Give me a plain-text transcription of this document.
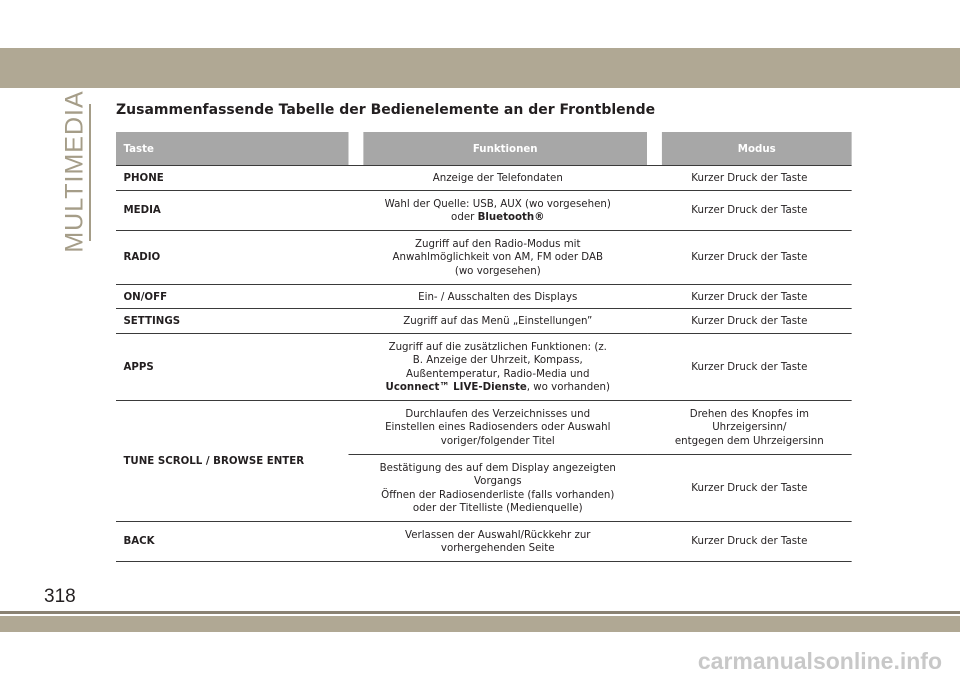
MULTIMEDIA Zusammenfassende Tabelle der Bedienelemente an der Frontblende
Taste		Funktionen		Modus
PHONE	Anzeige der Telefondaten		Kurzer Druck der Taste	
MEDIA	Wahl der Quelle: USB, AUX (wo vorgesehen)
oder Bluetooth®		Kurzer Druck der Taste	
RADIO	Zugriff auf den Radio-Modus mit
Anwahlmöglichkeit von AM, FM oder DAB
(wo vorgesehen)		Kurzer Druck der Taste	
ON/OFF	Ein- / Ausschalten des Displays		Kurzer Druck der Taste	
SETTINGS	Zugriff auf das Menü „Einstellungen”		Kurzer Druck der Taste	
APPS	Zugriff auf die zusätzlichen Funktionen: (z.
B. Anzeige der Uhrzeit, Kompass,
Außentemperatur, Radio-Media und
Uconnect™ LIVE-Dienste, wo vorhanden)		Kurzer Druck der Taste	
TUNE SCROLL / BROWSE ENTER	Durchlaufen des Verzeichnisses und
Einstellen eines Radiosenders oder Auswahl
voriger/folgender Titel		Drehen des Knopfes im Uhrzeigersinn/
entgegen dem Uhrzeigersinn	
	Bestätigung des auf dem Display angezeigten
Vorgangs
Öffnen der Radiosenderliste (falls vorhanden)
oder der Titelliste (Medienquelle)		Kurzer Druck der Taste	
BACK	Verlassen der Auswahl/Rückkehr zur
vorhergehenden Seite		Kurzer Druck der Taste	
318
carmanualsonline.info
